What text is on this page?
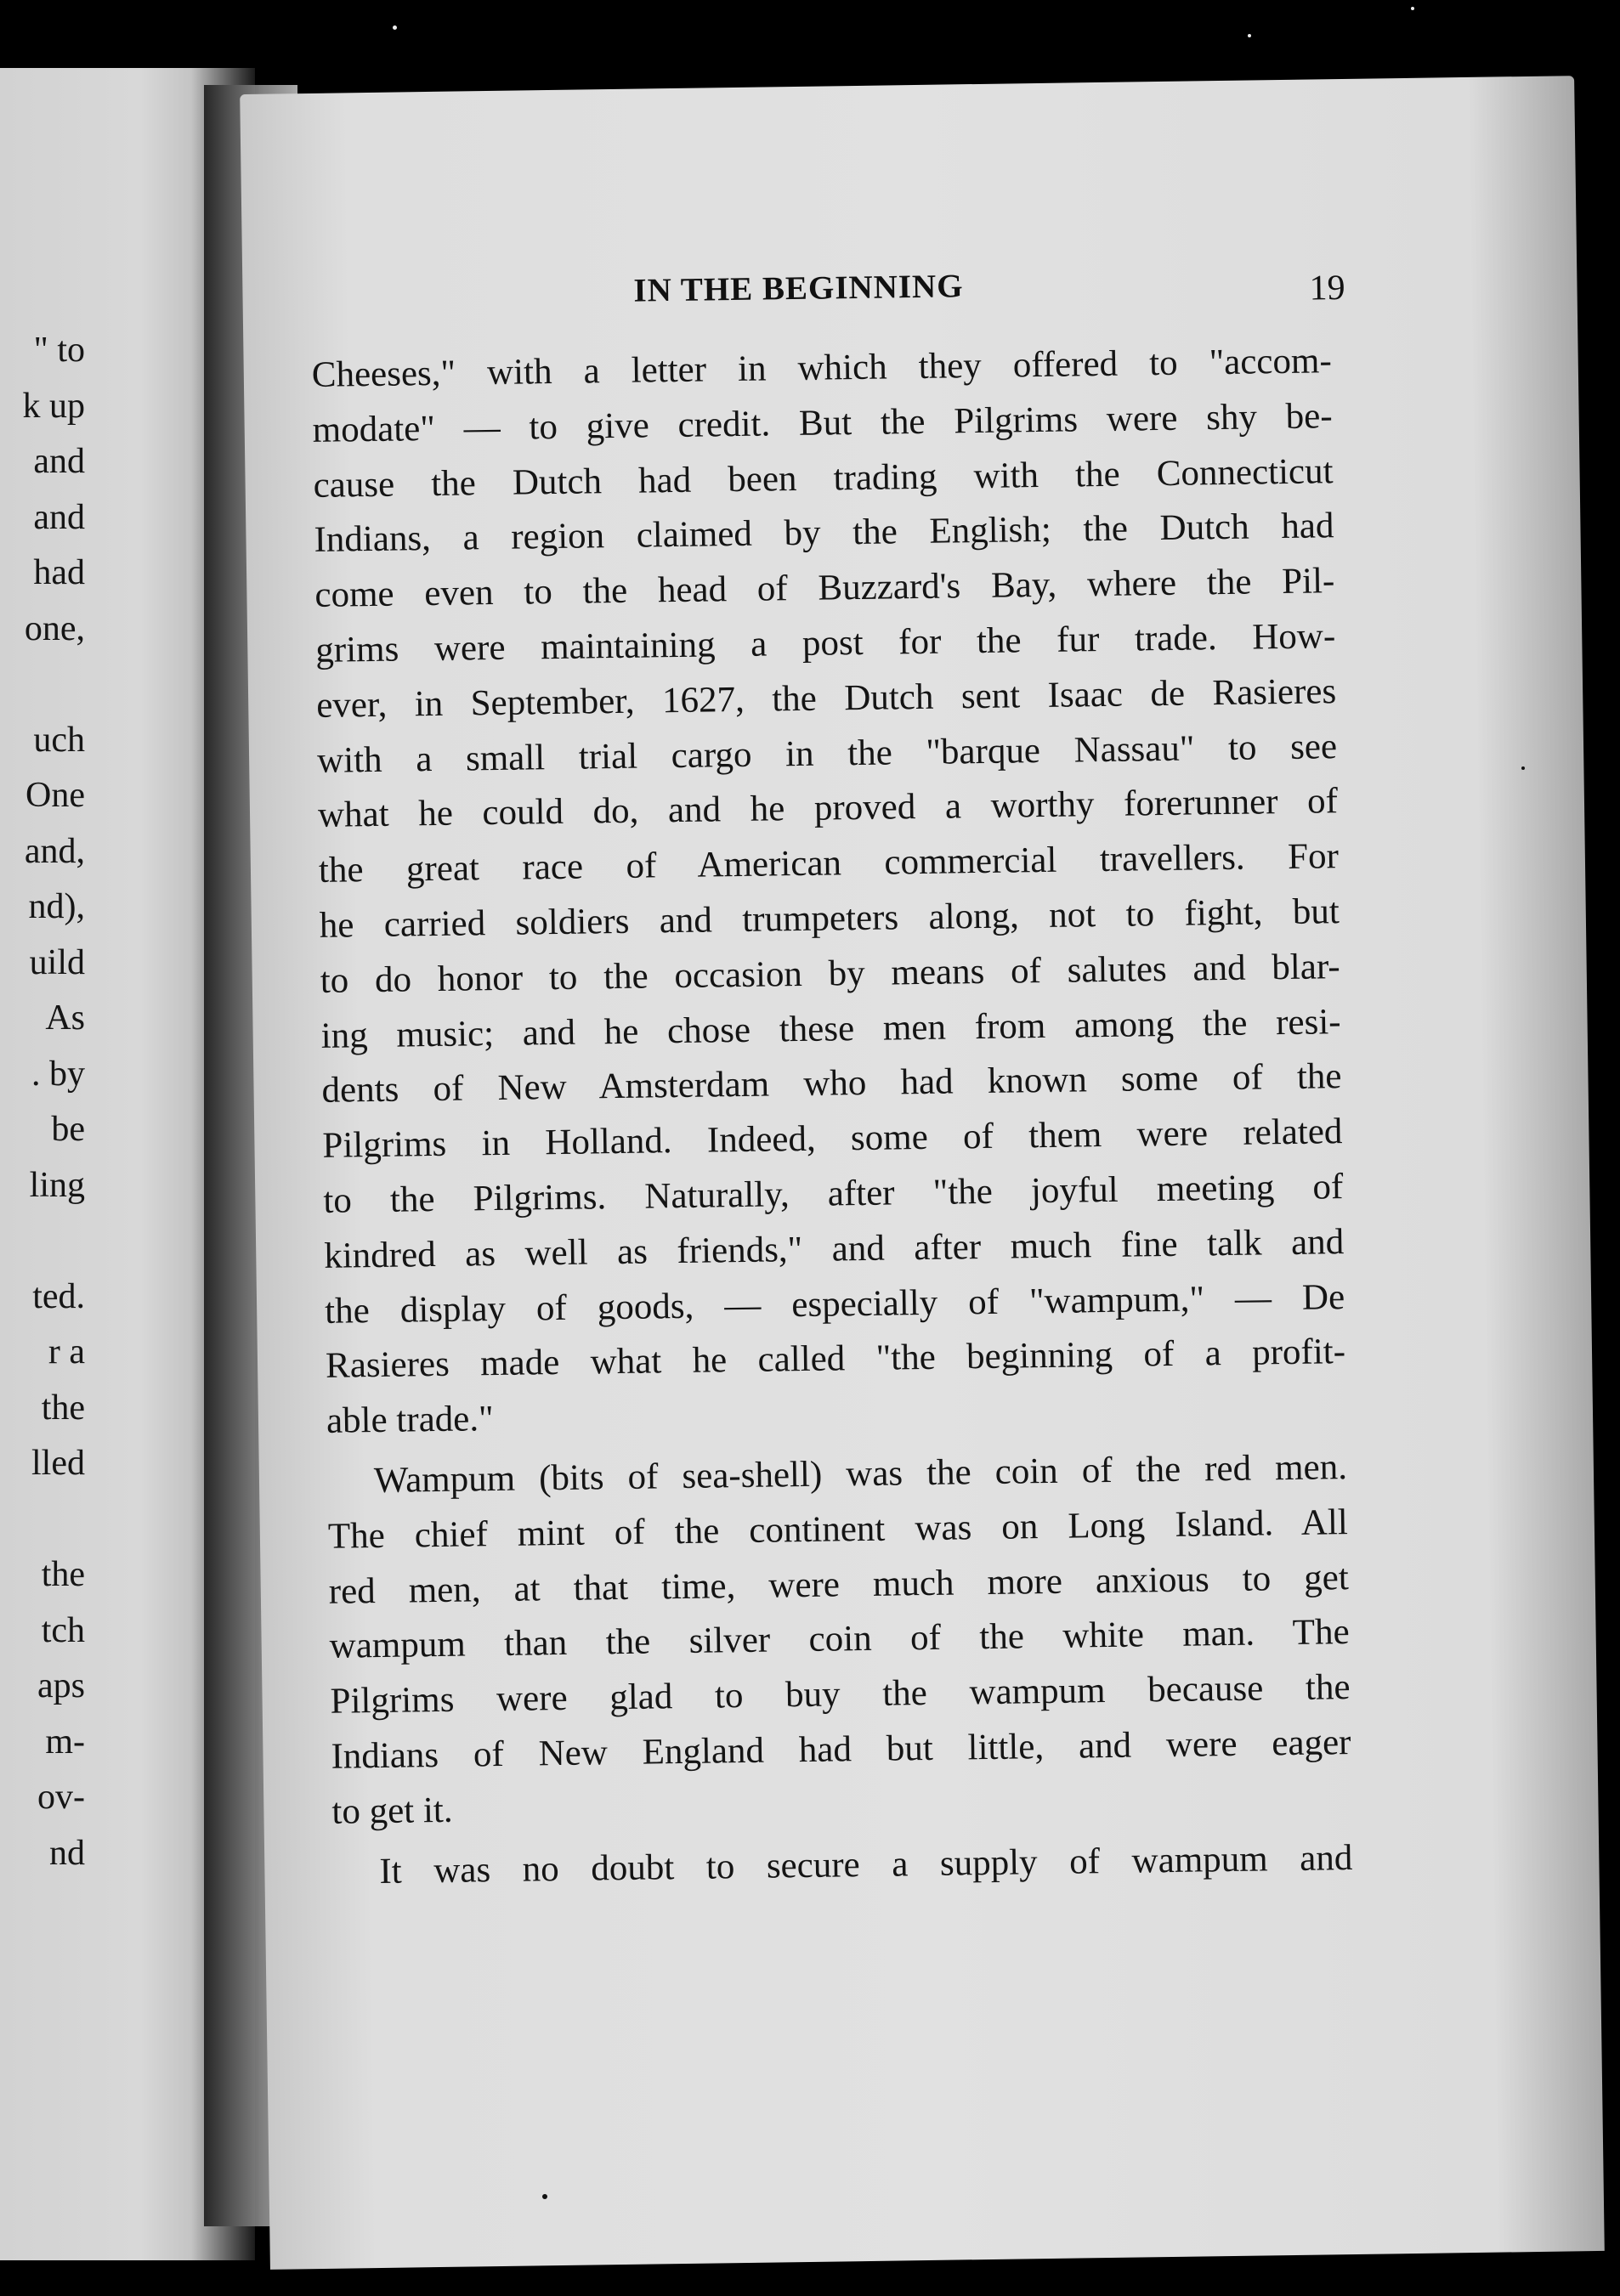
" to
k up
and
and
had
one,
uch
One
and,
nd),
uild
As
. by
be
ling
ted.
r a
the
lled
the
tch
aps
m-
ov-
nd
IN THE BEGINNING	19
Cheeses," with a letter in which they offered to "accom-
modate" — to give credit. But the Pilgrims were shy be-
cause the Dutch had been trading with the Connecticut
Indians, a region claimed by the English; the Dutch had
come even to the head of Buzzard's Bay, where the Pil-
grims were maintaining a post for the fur trade. How-
ever, in September, 1627, the Dutch sent Isaac de Rasieres
with a small trial cargo in the "barque Nassau" to see
what he could do, and he proved a worthy forerunner of
the great race of American commercial travellers. For
he carried soldiers and trumpeters along, not to fight, but
to do honor to the occasion by means of salutes and blar-
ing music; and he chose these men from among the resi-
dents of New Amsterdam who had known some of the
Pilgrims in Holland. Indeed, some of them were related
to the Pilgrims. Naturally, after "the joyful meeting of
kindred as well as friends," and after much fine talk and
the display of goods, — especially of "wampum," — De
Rasieres made what he called "the beginning of a profit-
able trade."
Wampum (bits of sea-shell) was the coin of the red men.
The chief mint of the continent was on Long Island. All
red men, at that time, were much more anxious to get
wampum than the silver coin of the white man. The
Pilgrims were glad to buy the wampum because the
Indians of New England had but little, and were eager
to get it.
It was no doubt to secure a supply of wampum and
